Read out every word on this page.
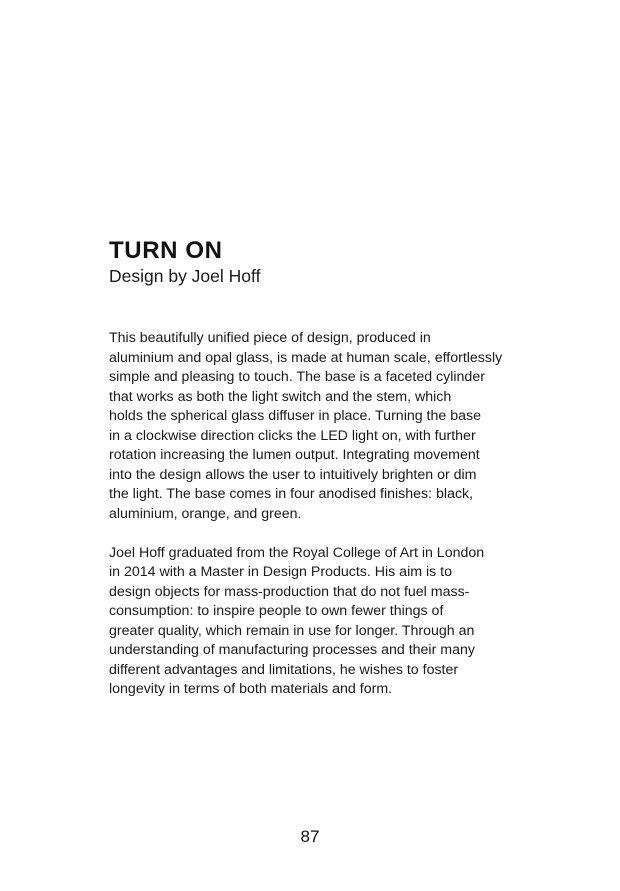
TURN ON
Design by Joel Hoff

This beautifully unified piece of design, produced in
aluminium and opal glass, is made at human scale, effortlessly
simple and pleasing to touch. The base is a faceted cylinder
that works as both the light switch and the stem, which
holds the spherical glass diffuser in place. Turning the base
in a clockwise direction clicks the LED light on, with further
rotation increasing the lumen output. Integrating movement
into the design allows the user to intuitively brighten or dim
the light. The base comes in four anodised finishes: black,
aluminium, orange, and green.

Joel Hoff graduated from the Royal College of Art in London
in 2014 with a Master in Design Products. His aim is to
design objects for mass-production that do not fuel mass-
consumption: to inspire people to own fewer things of
greater quality, which remain in use for longer. Through an
understanding of manufacturing processes and their many
different advantages and limitations, he wishes to foster
longevity in terms of both materials and form.

87
